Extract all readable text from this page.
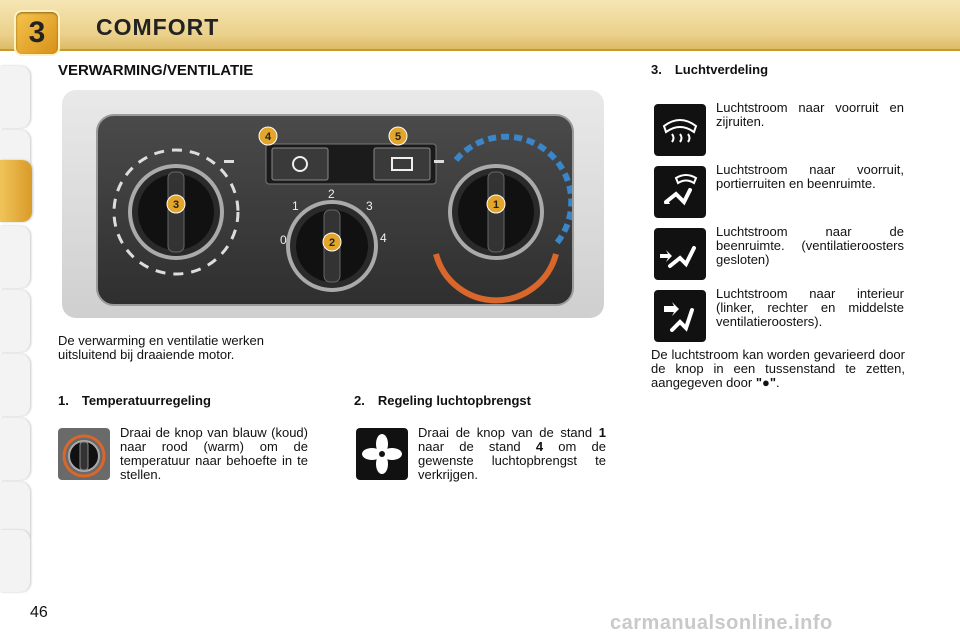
3	COMFORT
VERWARMING/VENTILATIE
3
2
0
1
2
3
4
1
4	5
De verwarming en ventilatie werken uitsluitend bij draaiende motor.
1. Temperatuurregeling
Draai de knop van blauw (koud) naar rood (warm) om de temperatuur naar behoefte in te stellen.
2. Regeling luchtopbrengst
Draai de knop van de stand 1 naar de stand 4 om de gewenste luchtopbrengst te verkrijgen.
3. Luchtverdeling
Luchtstroom naar voorruit en zijruiten.
Luchtstroom naar voorruit, portierruiten en beenruimte.
Luchtstroom naar de beenruimte. (ventilatieroosters gesloten)
Luchtstroom naar interieur (linker, rechter en middelste ventilatieroosters).
De luchtstroom kan worden gevarieerd door de knop in een tussenstand te zetten, aangegeven door "●".
46	carmanualsonline.info
